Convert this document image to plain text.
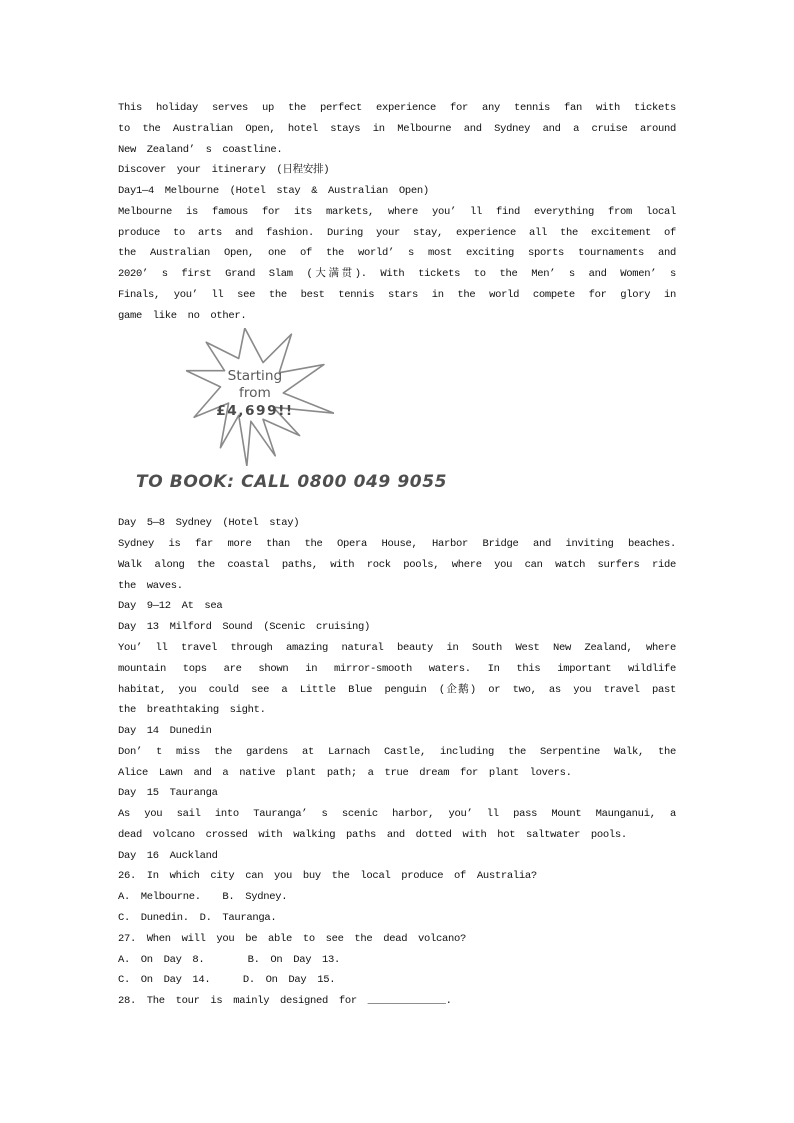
This holiday serves up the perfect experience for any tennis fan with tickets
to the Australian Open, hotel stays in Melbourne and Sydney and a cruise around
New Zealand’ s coastline.
Discover your itinerary (日程安排)
Day1—4 Melbourne (Hotel stay & Australian Open)
Melbourne is famous for its markets, where you’ ll find everything from local
produce to arts and fashion. During your stay, experience all the excitement of
the Australian Open, one of the world’ s most exciting sports tournaments and
2020’ s first Grand Slam (大满贯). With tickets to the Men’ s and Women’ s
Finals, you’ ll see the best tennis stars in the world compete for glory in
game like no other.
Starting
from
£4,699!!
TO BOOK: CALL 0800 049 9055
Day 5—8 Sydney (Hotel stay)
Sydney is far more than the Opera House, Harbor Bridge and inviting beaches.
Walk along the coastal paths, with rock pools, where you can watch surfers ride
the waves.
Day 9—12 At sea
Day 13 Milford Sound (Scenic cruising)
You’ ll travel through amazing natural beauty in South West New Zealand, where
mountain tops are shown in mirror-smooth waters. In this important wildlife
habitat, you could see a Little Blue penguin (企鹅) or two, as you travel past
the breathtaking sight.
Day 14 Dunedin
Don’ t miss the gardens at Larnach Castle, including the Serpentine Walk, the
Alice Lawn and a native plant path; a true dream for plant lovers.
Day 15 Tauranga
As you sail into Tauranga’ s scenic harbor, you’ ll pass Mount Maunganui, a
dead volcano crossed with walking paths and dotted with hot saltwater pools.
Day 16 Auckland
26. In which city can you buy the local produce of Australia?
A. Melbourne.  B. Sydney.
C. Dunedin. D. Tauranga.
27. When will you be able to see the dead volcano?
A. On Day 8.    B. On Day 13.
C. On Day 14.   D. On Day 15.
28. The tour is mainly designed for _____________.
